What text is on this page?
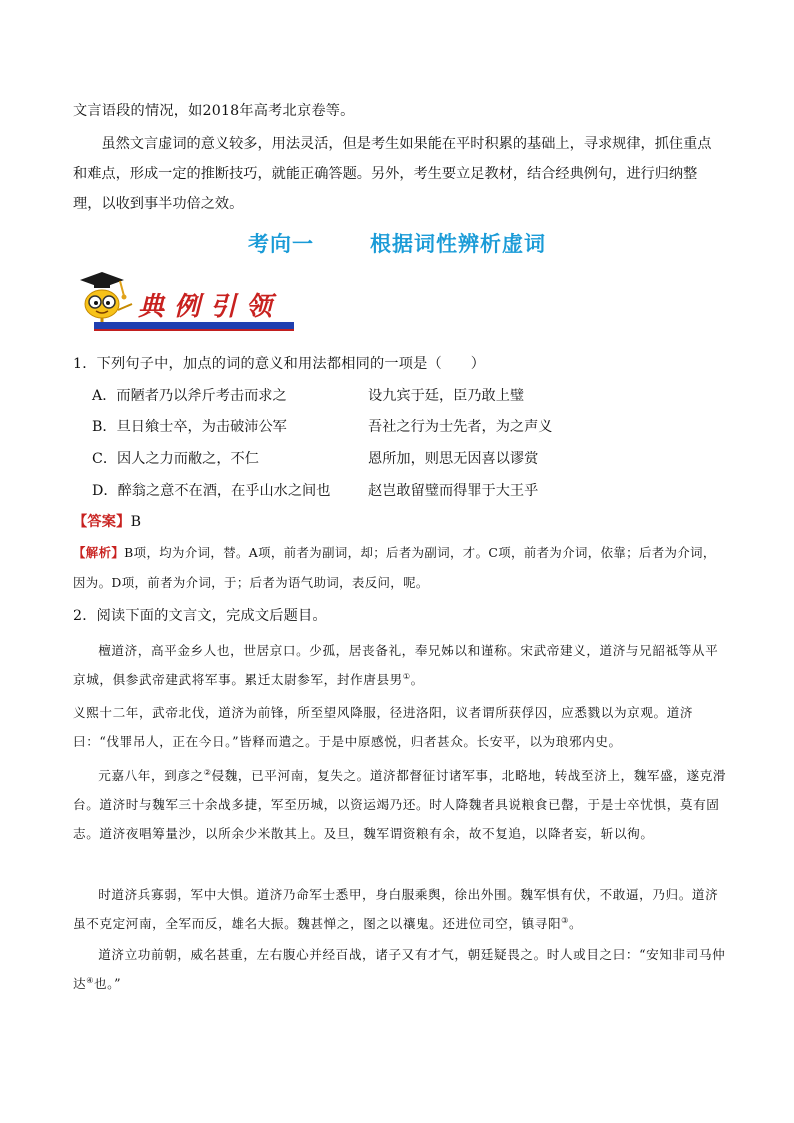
文言语段的情况，如2018年高考北京卷等。
虽然文言虚词的意义较多，用法灵活，但是考生如果能在平时积累的基础上，寻求规律，抓住重点和难点，形成一定的推断技巧，就能正确答题。另外，考生要立足教材，结合经典例句，进行归纳整理，以收到事半功倍之效。
考向一	根据词性辨析虚词
典例引领
1．下列句子中，加点的词的意义和用法都相同的一项是（　　）
A．而陋者乃以斧斤考击而求之	设九宾于廷，臣乃敢上璧
B．旦日飨士卒，为击破沛公军	吾社之行为士先者，为之声义
C．因人之力而敝之，不仁	恩所加，则思无因喜以谬赏
D．醉翁之意不在酒，在乎山水之间也	赵岂敢留璧而得罪于大王乎
【答案】B
【解析】B项，均为介词，替。A项，前者为副词，却；后者为副词，才。C项，前者为介词，依靠；后者为介词，因为。D项，前者为介词，于；后者为语气助词，表反问，呢。
2．阅读下面的文言文，完成文后题目。
檀道济，高平金乡人也，世居京口。少孤，居丧备礼，奉兄姊以和谨称。宋武帝建义，道济与兄韶祗等从平京城，俱参武帝建武将军事。累迁太尉参军，封作唐县男①。
义熙十二年，武帝北伐，道济为前锋，所至望风降服，径进洛阳，议者谓所获俘囚，应悉戮以为京观。道济曰：“伐罪吊人，正在今日。”皆释而遣之。于是中原感悦，归者甚众。长安平，以为琅邪内史。
元嘉八年，到彦之②侵魏，已平河南，复失之。道济都督征讨诸军事，北略地，转战至济上，魏军盛，遂克滑台。道济时与魏军三十余战多捷，军至历城，以资运竭乃还。时人降魏者具说粮食已罄，于是士卒忧惧，莫有固志。道济夜唱筹量沙，以所余少米散其上。及旦，魏军谓资粮有余，故不复追，以降者妄，斩以徇。
时道济兵寡弱，军中大惧。道济乃命军士悉甲，身白服乘舆，徐出外围。魏军惧有伏，不敢逼，乃归。道济虽不克定河南，全军而反，雄名大振。魏甚惮之，图之以禳鬼。还进位司空，镇寻阳③。
道济立功前朝，威名甚重，左右腹心并经百战，诸子又有才气，朝廷疑畏之。时人或目之曰：“安知非司马仲达④也。”
